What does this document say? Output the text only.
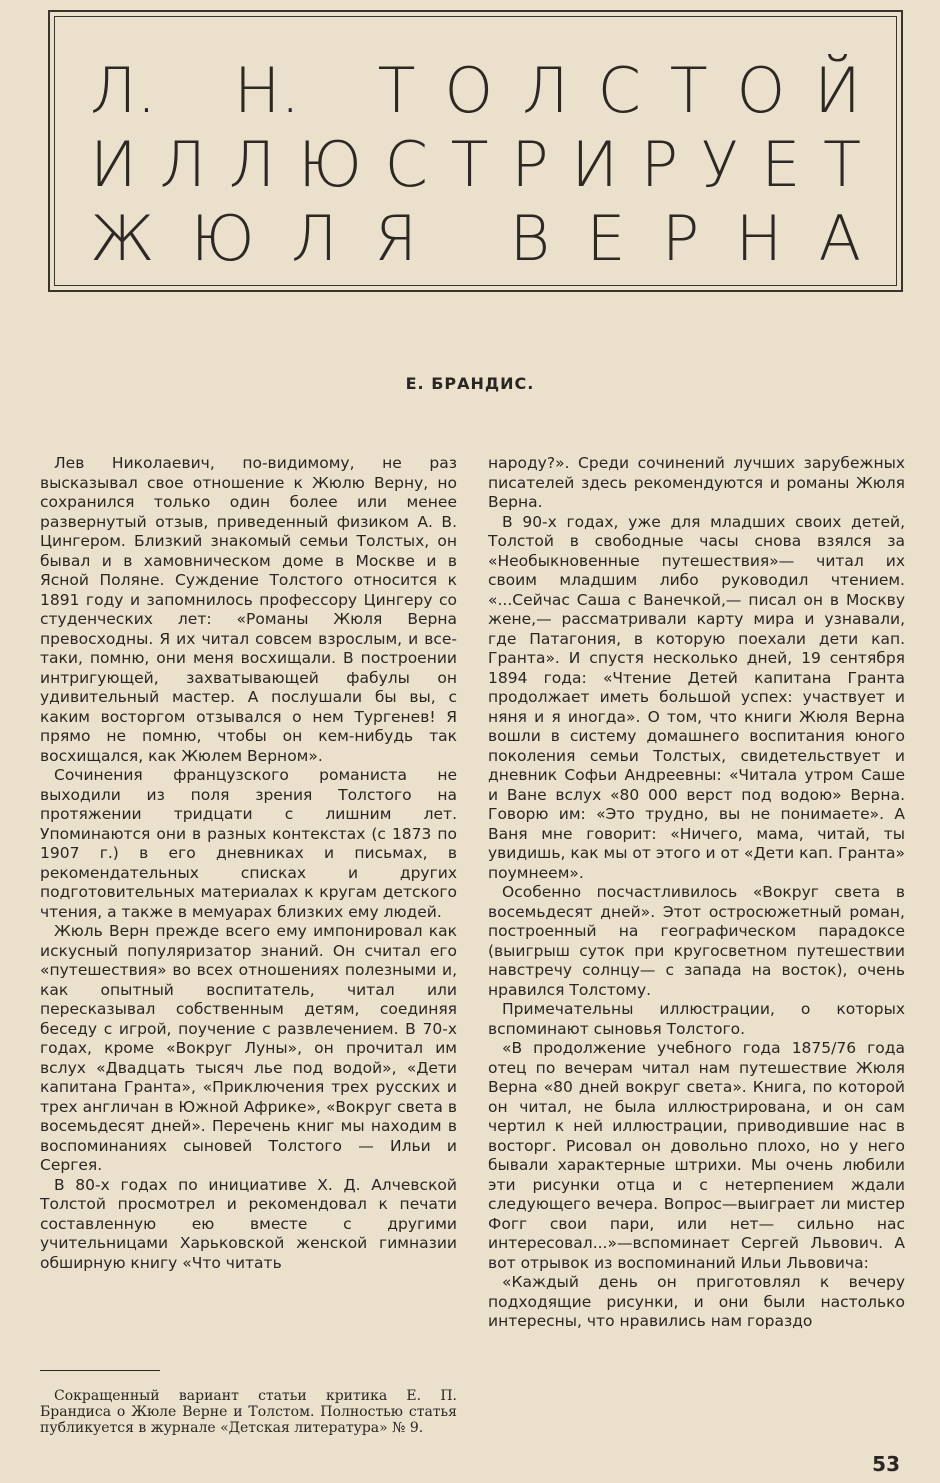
Л.
Н.
Т О Л С Т О Й
И Л Л Ю С Т Р И Р У Е Т
Ж Ю Л Я
В Е Р Н А
Е. БРАНДИС.

Лев Николаевич, по-видимому, не раз высказывал свое отношение к Жюлю Верну, но сохранился только один более или менее развернутый отзыв, приведенный физиком А. В. Цингером. Близкий знакомый семьи Толстых, он бывал и в хамовническом доме в Москве и в Ясной Поляне. Суждение Толстого относится к 1891 году и запомнилось профессору Цингеру со студенческих лет: «Романы Жюля Верна превосходны. Я их читал совсем взрослым, и все-таки, помню, они меня восхищали. В построении интригующей, захватывающей фабулы он удивительный мастер. А послушали бы вы, с каким восторгом отзывался о нем Тургенев! Я прямо не помню, чтобы он кем-нибудь так восхищался, как Жюлем Верном».

Сочинения французского романиста не выходили из поля зрения Толстого на протяжении тридцати с лишним лет. Упоминаются они в разных контекстах (с 1873 по 1907 г.) в его дневниках и письмах, в рекомендательных списках и других подготовительных материалах к кругам детского чтения, а также в мемуарах близких ему людей.

Жюль Верн прежде всего ему импонировал как искусный популяризатор знаний. Он считал его «путешествия» во всех отношениях полезными и, как опытный воспитатель, читал или пересказывал собственным детям, соединяя беседу с игрой, поучение с развлечением. В 70-х годах, кроме «Вокруг Луны», он прочитал им вслух «Двадцать тысяч лье под водой», «Дети капитана Гранта», «Приключения трех русских и трех англичан в Южной Африке», «Вокруг света в восемьдесят дней». Перечень книг мы находим в воспоминаниях сыновей Толстого — Ильи и Сергея.

В 80-х годах по инициативе Х. Д. Алчевской Толстой просмотрел и рекомендовал к печати составленную ею вместе с другими учительницами Харьковской женской гимназии обширную книгу «Что читать

Сокращенный вариант статьи критика Е. П. Брандиса о Жюле Верне и Толстом. Полностью статья публикуется в журнале «Детская литература» № 9.

народу?». Среди сочинений лучших зарубежных писателей здесь рекомендуются и романы Жюля Верна.

В 90-х годах, уже для младших своих детей, Толстой в свободные часы снова взялся за «Необыкновенные путешествия»— читал их своим младшим либо руководил чтением. «...Сейчас Саша с Ванечкой,— писал он в Москву жене,— рассматривали карту мира и узнавали, где Патагония, в которую поехали дети кап. Гранта». И спустя несколько дней, 19 сентября 1894 года: «Чтение Детей капитана Гранта продолжает иметь большой успех: участвует и няня и я иногда». О том, что книги Жюля Верна вошли в систему домашнего воспитания юного поколения семьи Толстых, свидетельствует и дневник Софьи Андреевны: «Читала утром Саше и Ване вслух «80 000 верст под водою» Верна. Говорю им: «Это трудно, вы не понимаете». А Ваня мне говорит: «Ничего, мама, читай, ты увидишь, как мы от этого и от «Дети кап. Гранта» поумнеем».

Особенно посчастливилось «Вокруг света в восемьдесят дней». Этот остросюжетный роман, построенный на географическом парадоксе (выигрыш суток при кругосветном путешествии навстречу солнцу— с запада на восток), очень нравился Толстому.

Примечательны иллюстрации, о которых вспоминают сыновья Толстого.

«В продолжение учебного года 1875/76 года отец по вечерам читал нам путешествие Жюля Верна «80 дней вокруг света». Книга, по которой он читал, не была иллюстрирована, и он сам чертил к ней иллюстрации, приводившие нас в восторг. Рисовал он довольно плохо, но у него бывали характерные штрихи. Мы очень любили эти рисунки отца и с нетерпением ждали следующего вечера. Вопрос—выиграет ли мистер Фогг свои пари, или нет— сильно нас интересовал...»—вспоминает Сергей Львович. А вот отрывок из воспоминаний Ильи Львовича:

«Каждый день он приготовлял к вечеру подходящие рисунки, и они были настолько интересны, что нравились нам гораздо

53
